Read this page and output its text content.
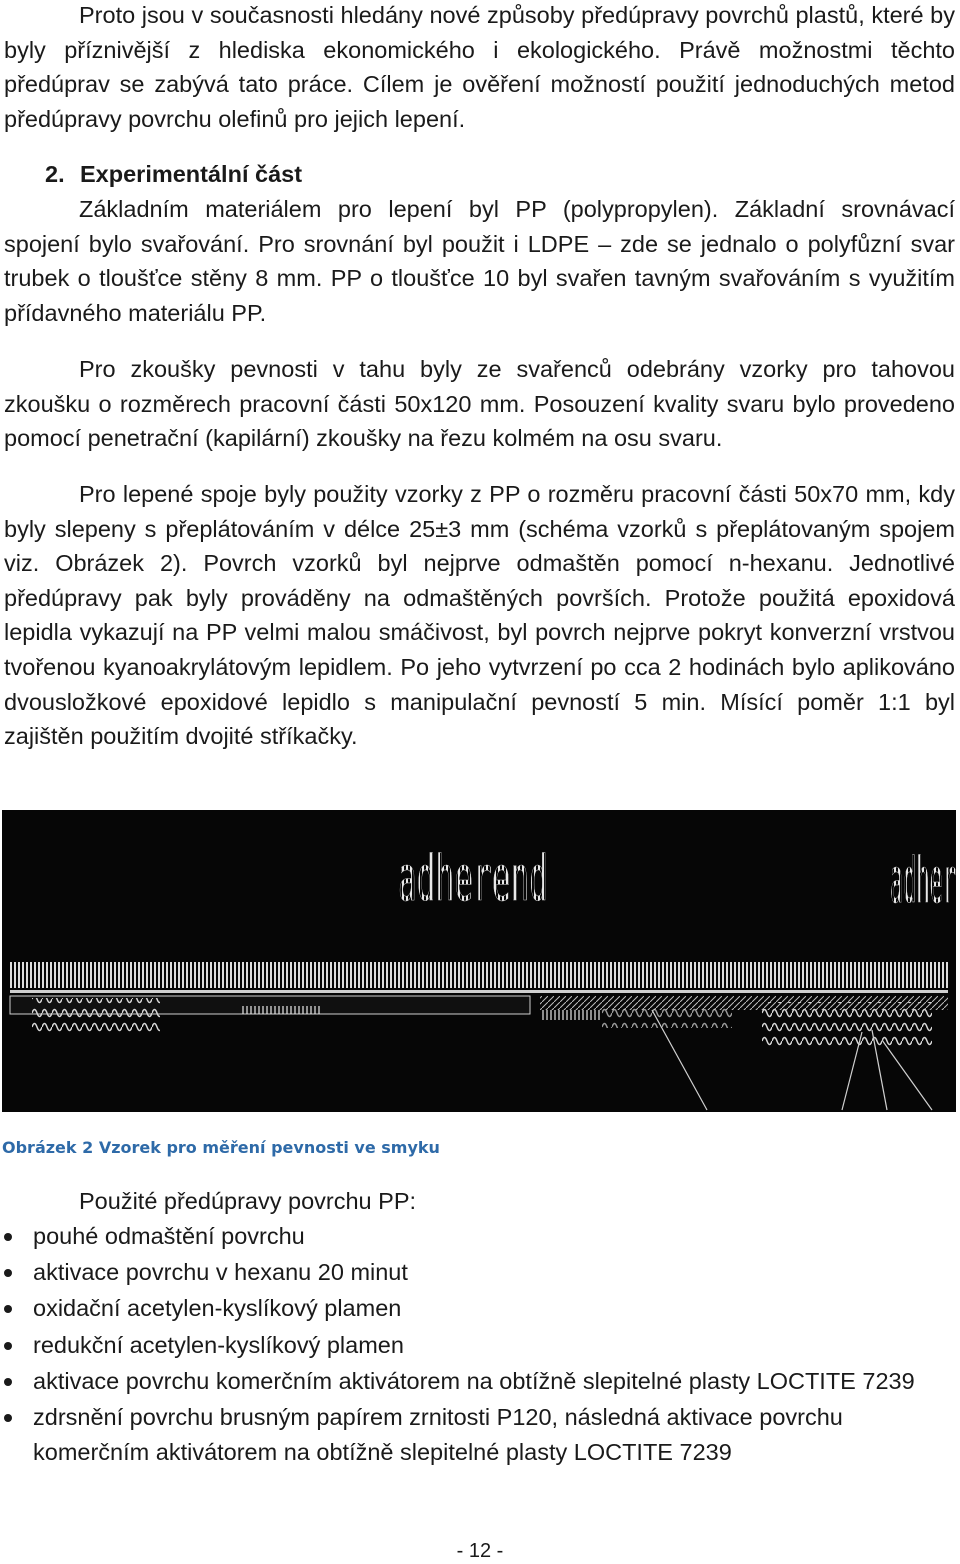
Proto jsou v současnosti hledány nové způsoby předúpravy povrchů plastů, které by byly příznivější z hlediska ekonomického i ekologického. Právě možnostmi těchto předúprav se zabývá tato práce. Cílem je ověření možností použití jednoduchých metod předúpravy povrchu olefinů pro jejich lepení.

2. Experimentální část

Základním materiálem pro lepení byl PP (polypropylen). Základní srovnávací spojení bylo svařování. Pro srovnání byl použit i LDPE – zde se jednalo o polyfůzní svar trubek o tloušťce stěny 8 mm. PP o tloušťce 10 byl svařen tavným svařováním s využitím přídavného materiálu PP.

Pro zkoušky pevnosti v tahu byly ze svařenců odebrány vzorky pro tahovou zkoušku o rozměrech pracovní části 50x120 mm. Posouzení kvality svaru bylo provedeno pomocí penetrační (kapilární) zkoušky na řezu kolmém na osu svaru.

Pro lepené spoje byly použity vzorky z PP o rozměru pracovní části 50x70 mm, kdy byly slepeny s přeplátováním v délce 25±3 mm (schéma vzorků s přeplátovaným spojem viz. Obrázek 2). Povrch vzorků byl nejprve odmaštěn pomocí n-hexanu. Jednotlivé předúpravy pak byly prováděny na odmaštěných površích. Protože použitá epoxidová lepidla vykazují na PP velmi malou smáčivost, byl povrch nejprve pokryt konverzní vrstvou tvořenou kyanoakrylátovým lepidlem. Po jeho vytvrzení po cca 2 hodinách bylo aplikováno dvousložkové epoxidové lepidlo s manipulační pevností 5 min. Mísící poměr 1:1 byl zajištěn použitím dvojité stříkačky.

adherend	adher
Obrázek 2 Vzorek pro měření pevnosti ve smyku

Použité předúpravy povrchu PP:

pouhé odmaštění povrchu
aktivace povrchu v hexanu 20 minut
oxidační acetylen-kyslíkový plamen
redukční acetylen-kyslíkový plamen
aktivace povrchu komerčním aktivátorem na obtížně slepitelné plasty LOCTITE 7239
zdrsnění povrchu brusným papírem zrnitosti P120, následná aktivace povrchu komerčním aktivátorem na obtížně slepitelné plasty LOCTITE 7239
- 12 -
